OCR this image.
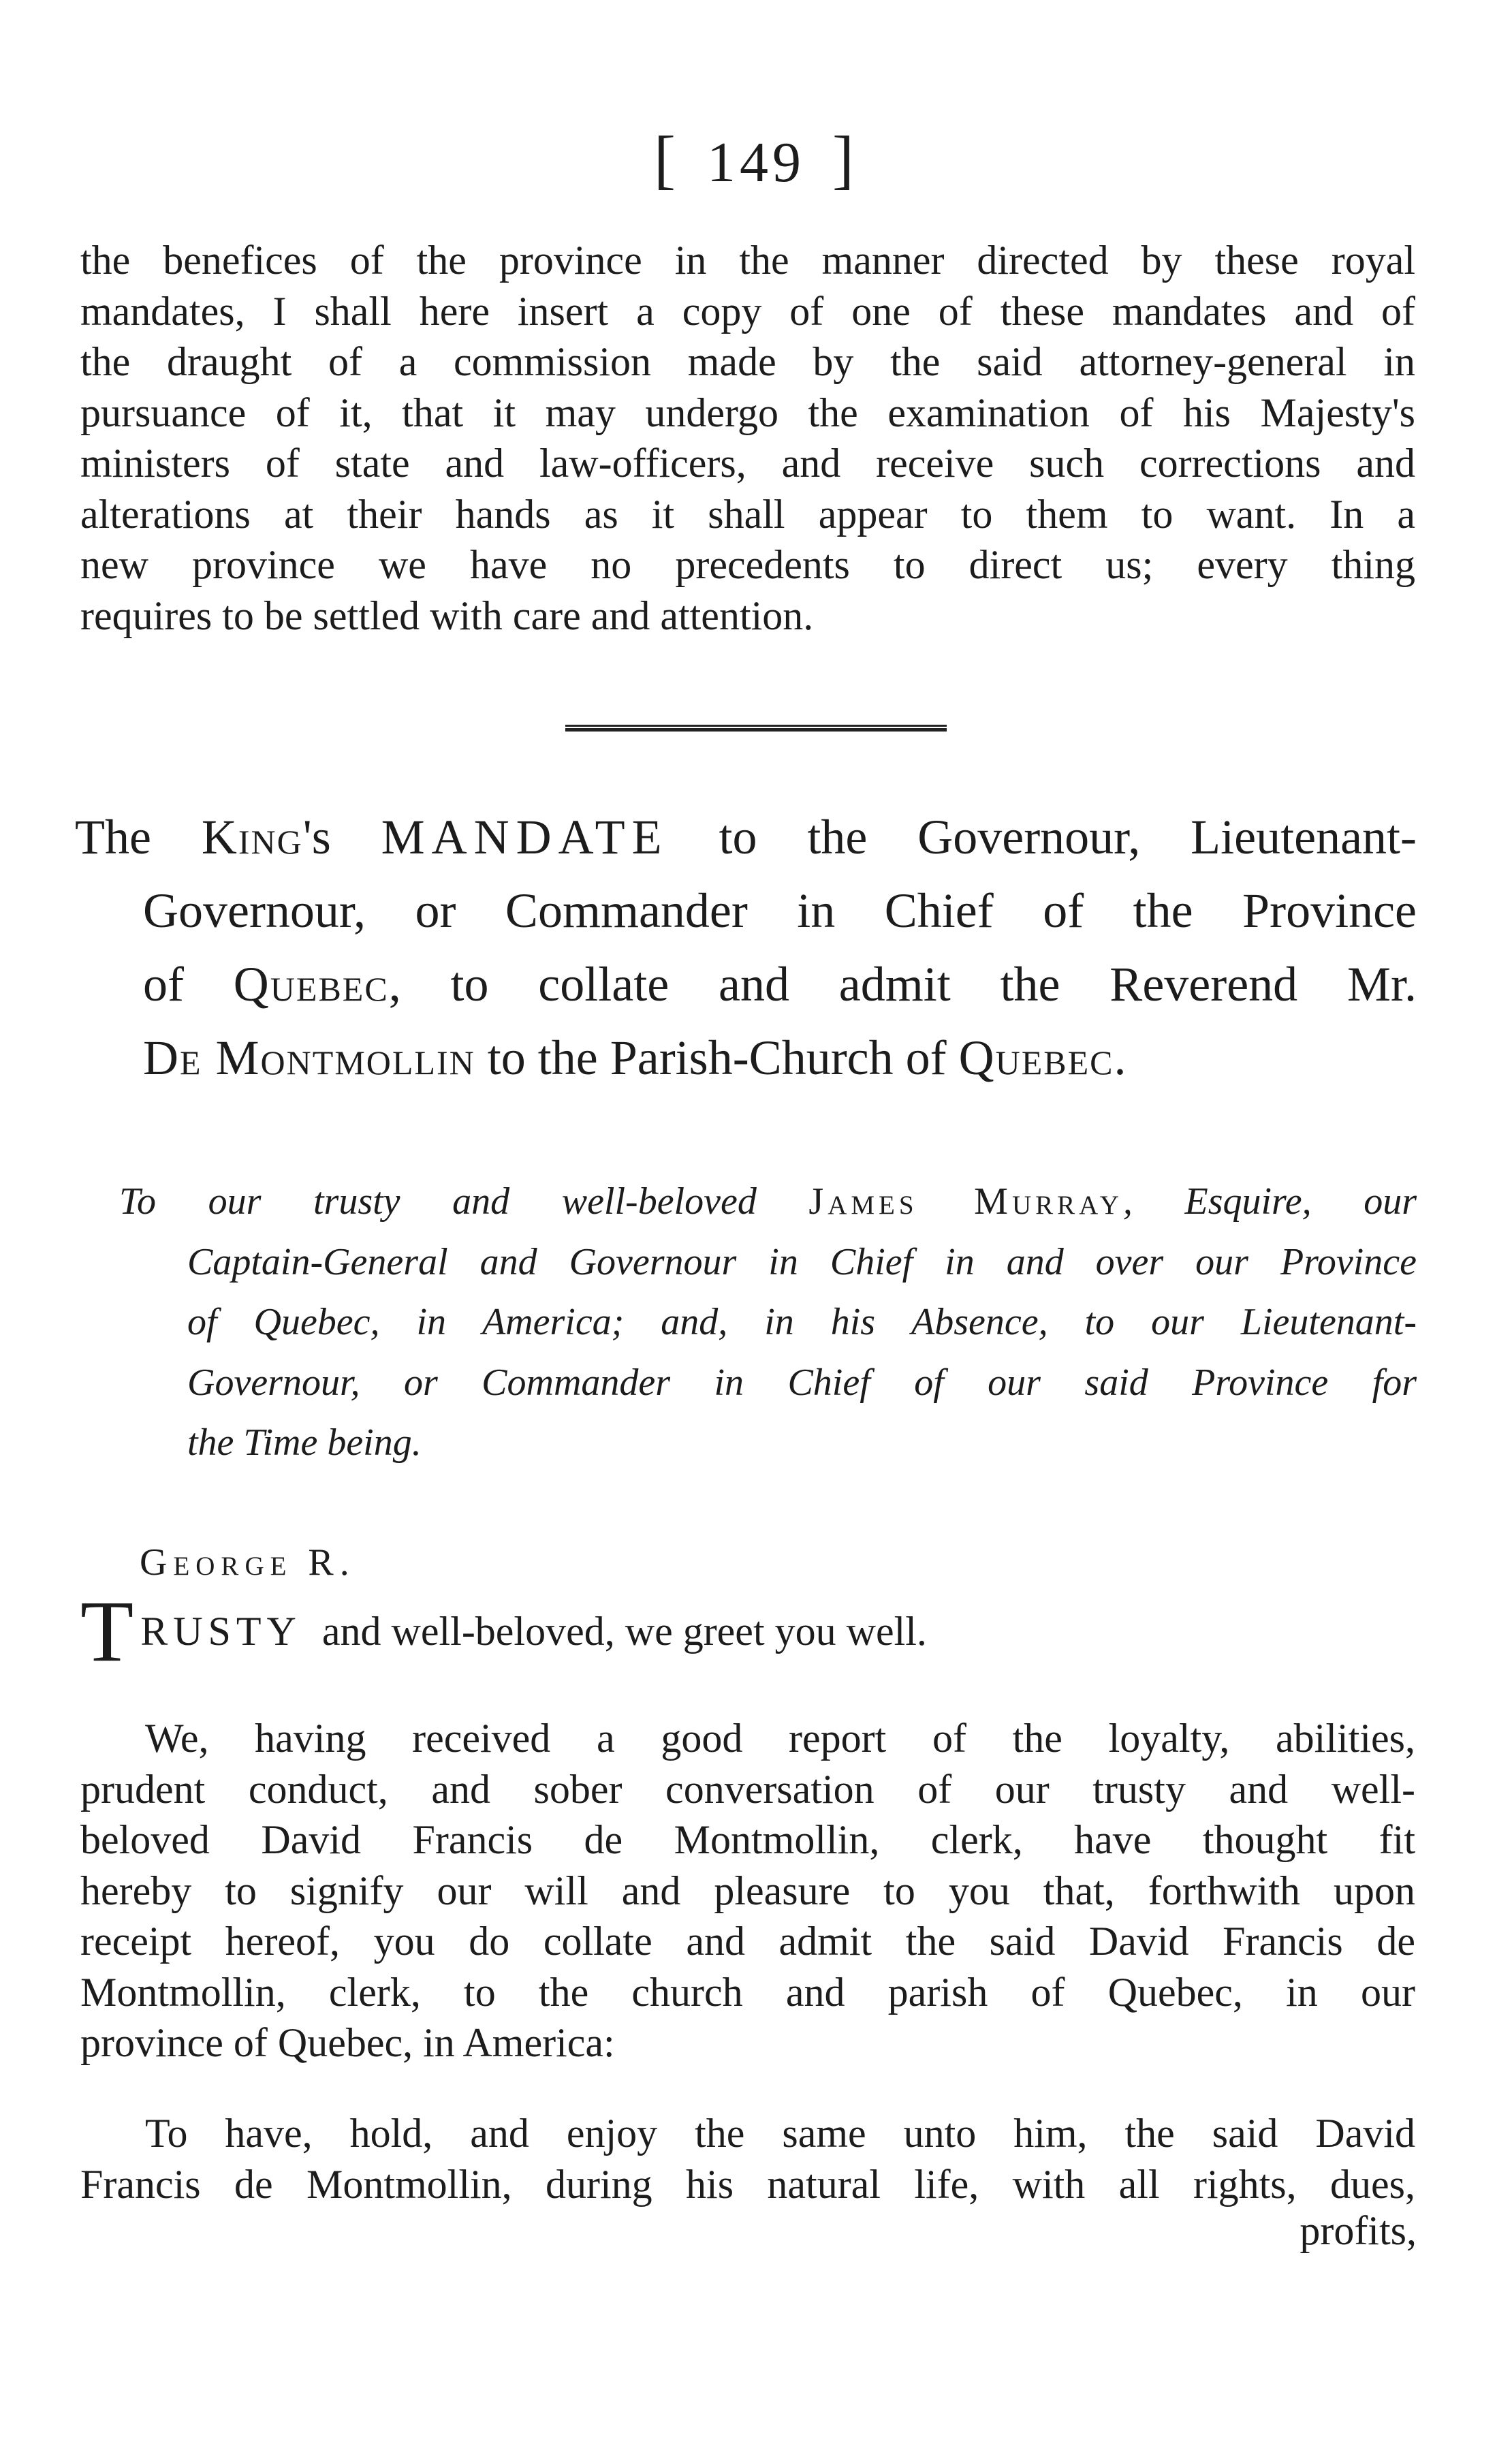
[ 149 ]
the benefices of the province in the manner directed by these royal
mandates, I shall here insert a copy of one of these mandates and of
the draught of a commission made by the said attorney-general in
pursuance of it, that it may undergo the examination of his Majesty's
ministers of state and law-officers, and receive such corrections and
alterations at their hands as it shall appear to them to want. In a
new province we have no precedents to direct us; every thing
requires to be settled with care and attention.
The King's MANDATE to the Governour, Lieutenant-
Governour, or Commander in Chief of the Province
of Quebec, to collate and admit the Reverend Mr.
De Montmollin to the Parish-Church of Quebec.
To our trusty and well-beloved James Murray, Esquire, our
Captain-General and Governour in Chief in and over our Province
of Quebec, in America; and, in his Absence, to our Lieutenant-
Governour, or Commander in Chief of our said Province for
the Time being.
George R.
TRUSTY and well-beloved, we greet you well.
We, having received a good report of the loyalty, abilities,
prudent conduct, and sober conversation of our trusty and well-
beloved David Francis de Montmollin, clerk, have thought fit
hereby to signify our will and pleasure to you that, forthwith upon
receipt hereof, you do collate and admit the said David Francis de
Montmollin, clerk, to the church and parish of Quebec, in our
province of Quebec, in America:
To have, hold, and enjoy the same unto him, the said David
Francis de Montmollin, during his natural life, with all rights, dues,
profits,
